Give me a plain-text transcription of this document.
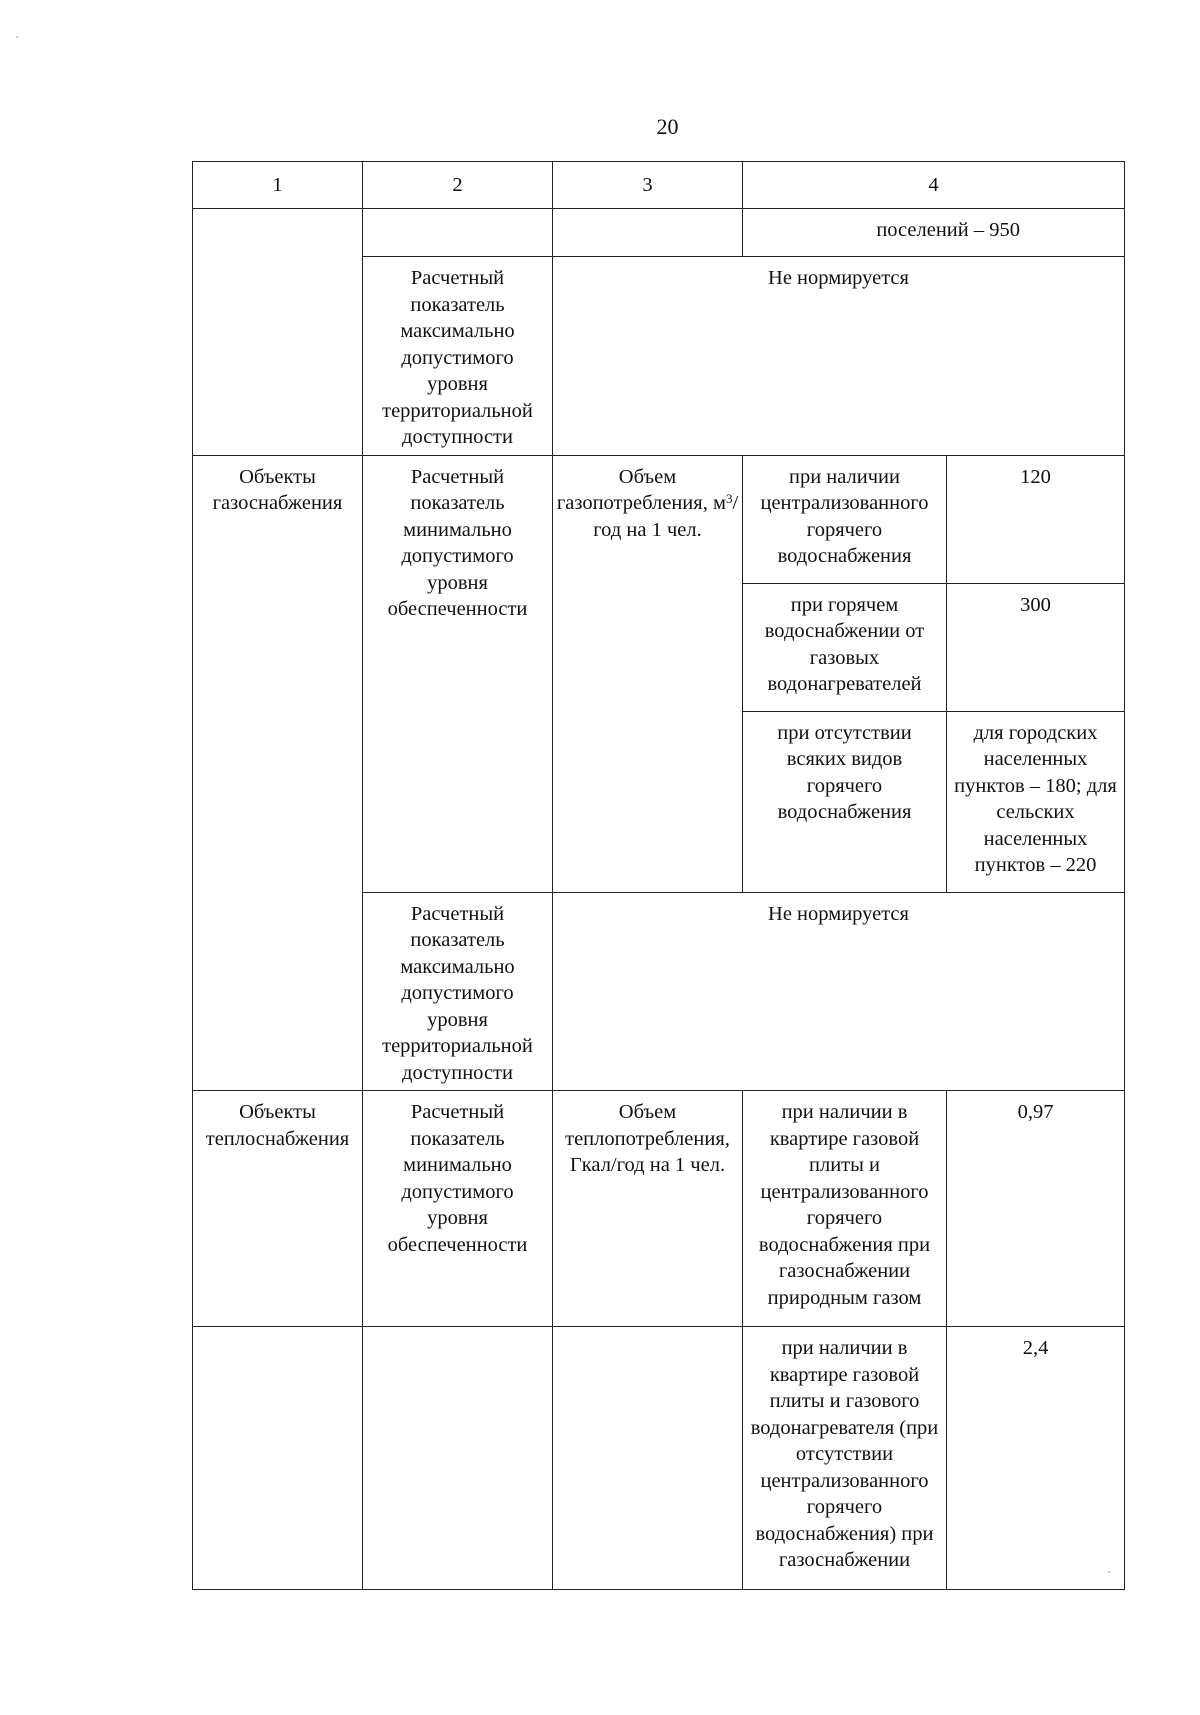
20
1	2	3	4	
			поселений – 950	
	Расчетный показатель максимально допустимого уровня территориальной доступности	Не нормируется		
Объекты газоснабжения	Расчетный показатель минимально допустимого уровня обеспеченности	Объем газопотребления, $м^3$/год на 1 чел.	при наличии централизованного горячего водоснабжения	120
			при горячем водоснабжении от газовых водонагревателей	300
			при отсутствии всяких видов горячего водоснабжения	для городских населенных пунктов – 180; для сельских населенных пунктов – 220
	Расчетный показатель максимально допустимого уровня территориальной доступности	Не нормируется		
Объекты теплоснабжения	Расчетный показатель минимально допустимого уровня обеспеченности	Объем теплопотребления, Гкал/год на 1 чел.	при наличии в квартире газовой плиты и централизованного горячего водоснабжения при газоснабжении природным газом	0,97
			при наличии в квартире газовой плиты и газового водонагревателя (при отсутствии централизованного горячего водоснабжения) при газоснабжении	2,4
